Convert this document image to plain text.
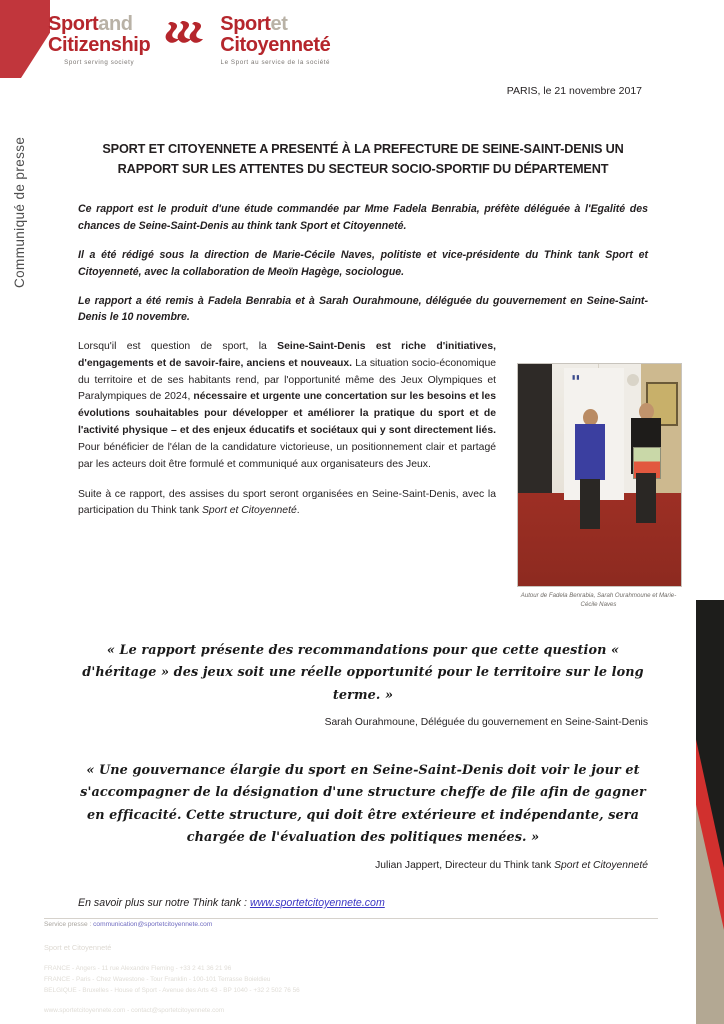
Sportand
Citizenship
Sport serving society
Sportet
Citoyenneté
Le Sport au service de la société
Communiqué de presse
PARIS, le 21 novembre 2017
SPORT ET CITOYENNETE A PRESENTÉ À LA PREFECTURE DE SEINE-SAINT-DENIS UN RAPPORT SUR LES ATTENTES DU SECTEUR SOCIO-SPORTIF DU DÉPARTEMENT

Ce rapport est le produit d'une étude commandée par Mme Fadela Benrabia, préfète déléguée à l'Egalité des chances de Seine-Saint-Denis au think tank Sport et Citoyenneté.

Il a été rédigé sous la direction de Marie-Cécile Naves, politiste et vice-présidente du Think tank Sport et Citoyenneté, avec la collaboration de Meoïn Hagège, sociologue.

Le rapport a été remis à Fadela Benrabia et à Sarah Ourahmoune, déléguée du gouvernement en Seine-Saint-Denis le 10 novembre.

Lorsqu'il est question de sport, la Seine-Saint-Denis est riche d'initiatives, d'engagements et de savoir-faire, anciens et nouveaux. La situation socio-économique du territoire et de ses habitants rend, par l'opportunité même des Jeux Olympiques et Paralympiques de 2024, nécessaire et urgente une concertation sur les besoins et les évolutions souhaitables pour développer et améliorer la pratique du sport et de l'activité physique – et des enjeux éducatifs et sociétaux qui y sont directement liés. Pour bénéficier de l'élan de la candidature victorieuse, un positionnement clair et partagé par les acteurs doit être formulé et communiqué aux organisateurs des Jeux.

Suite à ce rapport, des assises du sport seront organisées en Seine-Saint-Denis, avec la participation du Think tank Sport et Citoyenneté.

▮▮
Autour de Fadela Benrabia, Sarah Ourahmoune et Marie-Cécile Naves
« Le rapport présente des recommandations pour que cette question « d'héritage » des jeux soit une réelle opportunité pour le territoire sur le long terme. »
Sarah Ourahmoune, Déléguée du gouvernement en Seine-Saint-Denis
« Une gouvernance élargie du sport en Seine-Saint-Denis doit voir le jour et s'accompagner de la désignation d'une structure cheffe de file afin de gagner en efficacité. Cette structure, qui doit être extérieure et indépendante, sera chargée de l'évaluation des politiques menées. »
Julian Jappert, Directeur du Think tank Sport et Citoyenneté
En savoir plus sur notre Think tank : www.sportetcitoyennete.com
Service presse : communication@sportetcitoyennete.com
Sport et Citoyenneté
FRANCE - Angers - 11 rue Alexandre Fleming - +33 2 41 36 21 96
FRANCE - Paris - Chez Wavestone - Tour Franklin - 100-101 Terrasse Boieldieu
BELGIQUE - Bruxelles - House of Sport - Avenue des Arts 43 - BP 1040 - +32 2 502 76 56
www.sportetcitoyennete.com - contact@sportetcitoyennete.com
